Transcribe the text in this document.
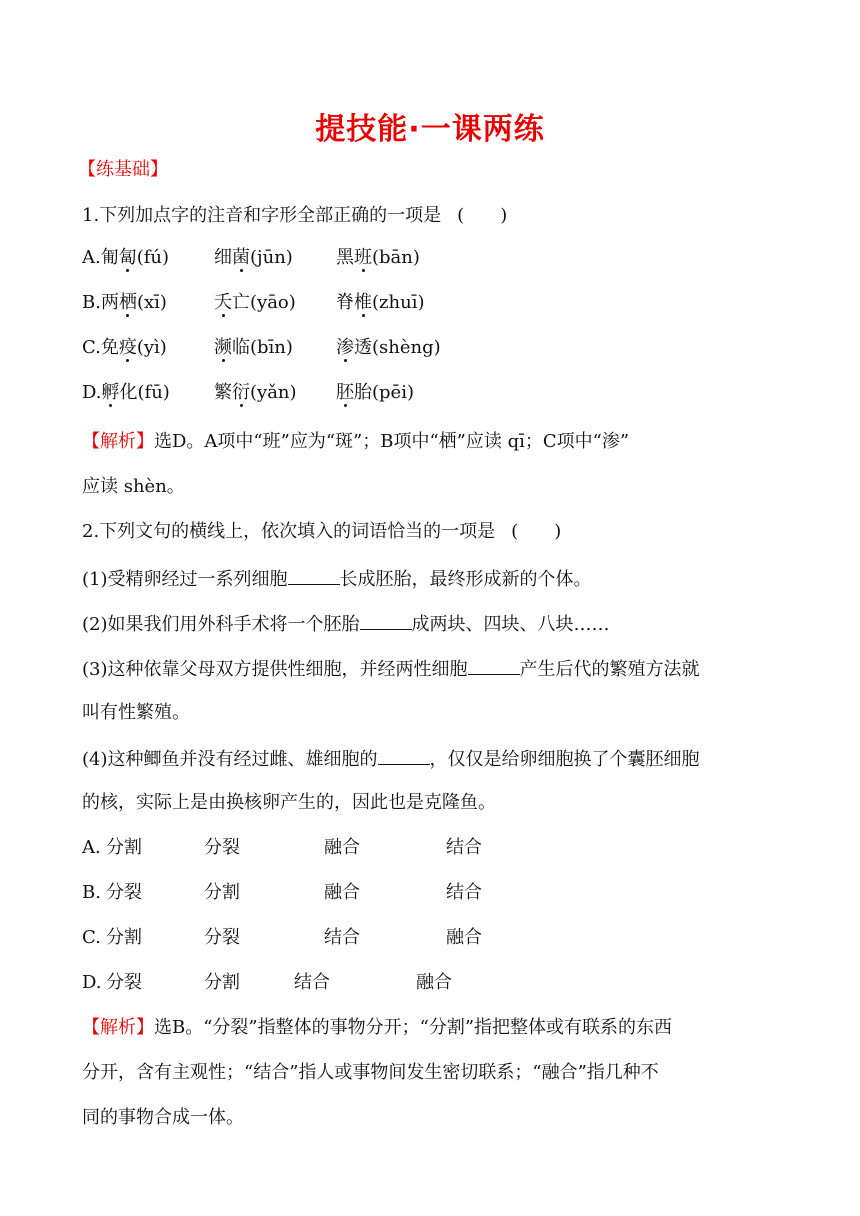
提技能·一课两练
【练基础】
1.下列加点字的注音和字形全部正确的一项是 (　　)
A.匍匐(fú) 细菌(jūn) 黑班(bān)
B.两栖(xī)	夭亡(yāo) 脊椎(zhuī)
C.免疫(yì)	濒临(bīn) 渗透(shèng)
D.孵化(fū) 繁衍(yǎn) 胚胎(pēi)
【解析】选D。A项中“班”应为“斑”；B项中“栖”应读 qī；C项中“渗”
应读 shèn。
2.下列文句的横线上，依次填入的词语恰当的一项是 (　　)
(1)受精卵经过一系列细胞	长成胚胎，最终形成新的个体。
(2)如果我们用外科手术将一个胚胎	成两块、四块、八块……
(3)这种依靠父母双方提供性细胞，并经两性细胞	产生后代的繁殖方法就
叫有性繁殖。
(4)这种鲫鱼并没有经过雌、雄细胞的	，仅仅是给卵细胞换了个囊胚细胞
的核，实际上是由换核卵产生的，因此也是克隆鱼。
A. 分割	分裂	融合	结合
B. 分裂	分割	融合	结合
C. 分割	分裂	结合	融合
D. 分裂	分割	结合	融合
【解析】选B。“分裂”指整体的事物分开；“分割”指把整体或有联系的东西
分开，含有主观性；“结合”指人或事物间发生密切联系；“融合”指几种不
同的事物合成一体。
